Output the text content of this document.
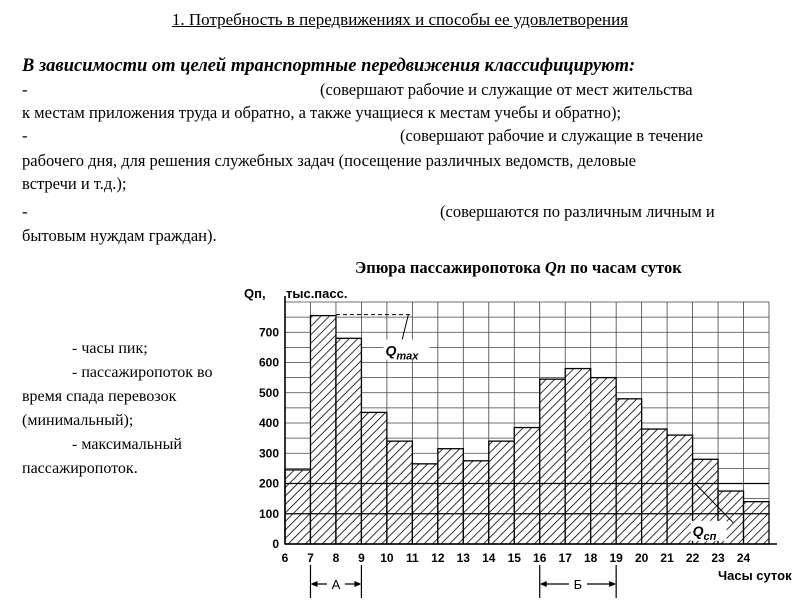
1. Потребность в передвижениях и способы ее удовлетворения
В зависимости от целей транспортные передвижения классифицируют:
-	(совершают рабочие и служащие от мест жительства
к местам приложения труда и обратно, а также учащиеся к местам учебы и обратно);
-	(совершают рабочие и служащие в течение
рабочего дня, для решения служебных задач (посещение различных ведомств, деловые
встречи и т.д.);
-	(совершаются по различным личным и
бытовым нуждам граждан).
Эпюра пассажиропотока Qп по часам суток
- часы пик;
- пассажиропоток во
время спада перевозок
(минимальный);
- максимальный
пассажиропоток.
0
100
200
300
400
500
600
700
6 7 8 9 10 11 12 13 14 15 16 17 18 19 20 21 22 23 24
Qп, тыс.пасс.
Часы суток
$Q_{max}$
$Q_{сп}$
А	Б
